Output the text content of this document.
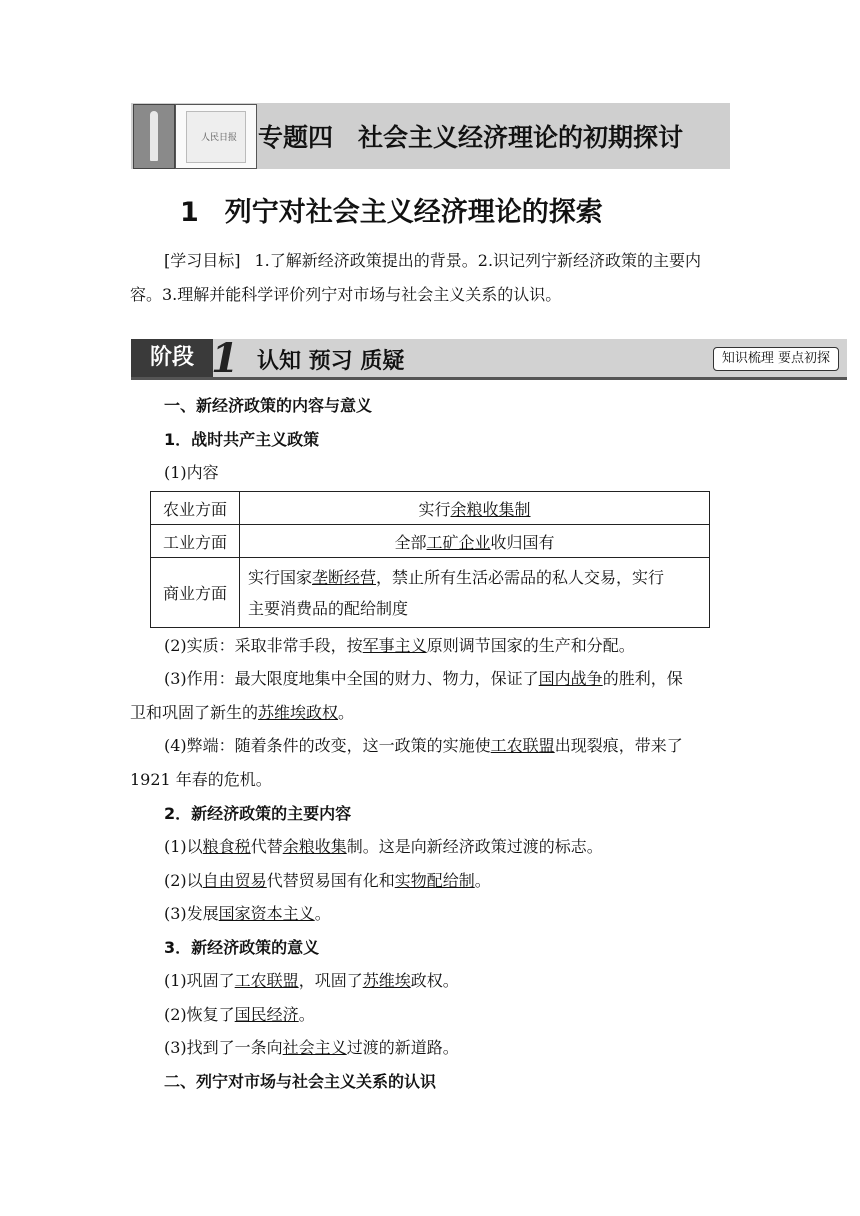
人民日报 专题四　社会主义经济理论的初期探讨
1 列宁对社会主义经济理论的探索
[学习目标] 1.了解新经济政策提出的背景。2.识记列宁新经济政策的主要内容。3.理解并能科学评价列宁对市场与社会主义关系的认识。
阶段 1 认知 预习 质疑	知识梳理 要点初探
一、新经济政策的内容与意义
1．战时共产主义政策
(1)内容
农业方面	实行余粮收集制
工业方面	全部工矿企业收归国有
商业方面	实行国家垄断经营，禁止所有生活必需品的私人交易，实行
主要消费品的配给制度
(2)实质：采取非常手段，按军事主义原则调节国家的生产和分配。
(3)作用：最大限度地集中全国的财力、物力，保证了国内战争的胜利，保
卫和巩固了新生的苏维埃政权。
(4)弊端：随着条件的改变，这一政策的实施使工农联盟出现裂痕，带来了
1921 年春的危机。
2．新经济政策的主要内容
(1)以粮食税代替余粮收集制。这是向新经济政策过渡的标志。
(2)以自由贸易代替贸易国有化和实物配给制。
(3)发展国家资本主义。
3．新经济政策的意义
(1)巩固了工农联盟，巩固了苏维埃政权。
(2)恢复了国民经济。
(3)找到了一条向社会主义过渡的新道路。
二、列宁对市场与社会主义关系的认识
